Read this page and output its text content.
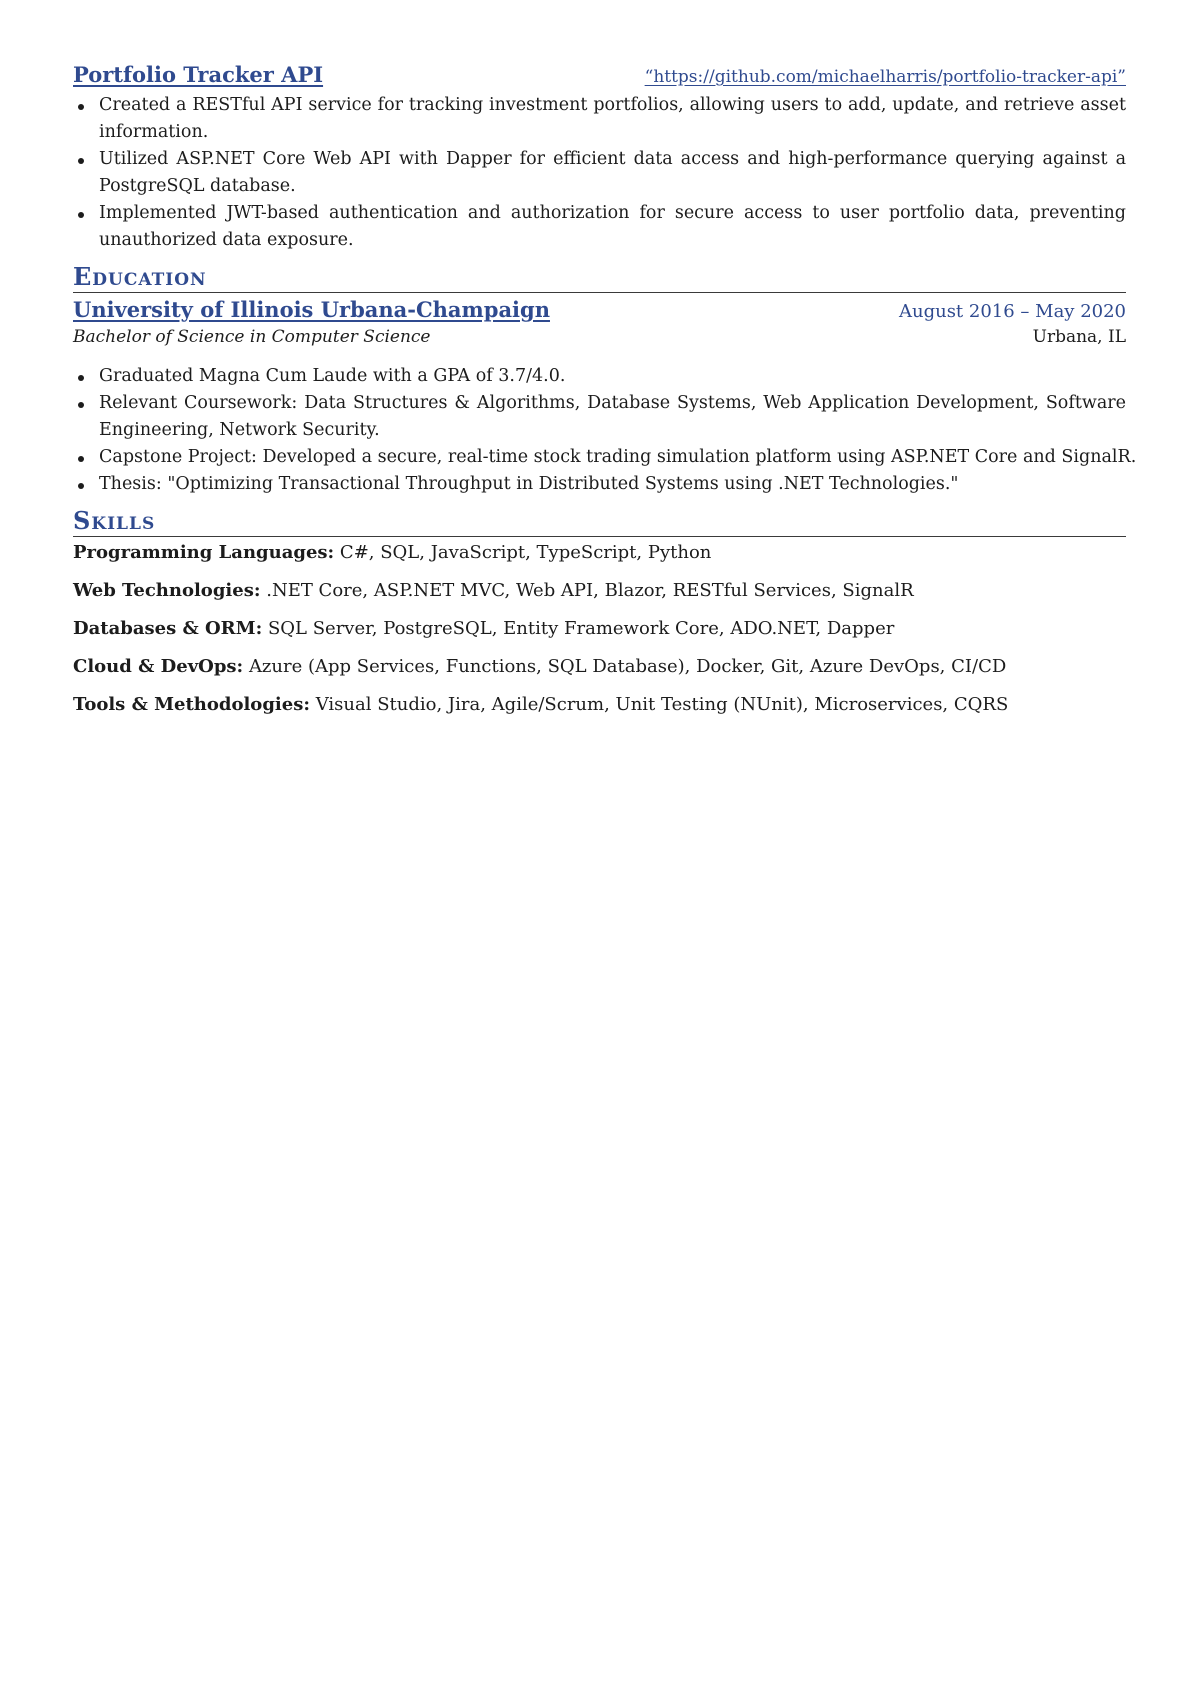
Portfolio Tracker API	“https://github.com/michaelharris/portfolio-tracker-api”
Created a RESTful API service for tracking investment portfolios, allowing users to add, update, and retrieve asset information.
Utilized ASP.NET Core Web API with Dapper for efficient data access and high-performance querying against a PostgreSQL database.
Implemented JWT-based authentication and authorization for secure access to user portfolio data, preventing unauthorized data exposure.
Education
University of Illinois Urbana-Champaign	August 2016 – May 2020
Bachelor of Science in Computer Science	Urbana, IL
Graduated Magna Cum Laude with a GPA of 3.7/4.0.
Relevant Coursework: Data Structures & Algorithms, Database Systems, Web Application Development, Software Engineering, Network Security.
Capstone Project: Developed a secure, real-time stock trading simulation platform using ASP.NET Core and SignalR.
Thesis: "Optimizing Transactional Throughput in Distributed Systems using .NET Technologies."
Skills
Programming Languages: C#, SQL, JavaScript, TypeScript, Python
Web Technologies: .NET Core, ASP.NET MVC, Web API, Blazor, RESTful Services, SignalR
Databases & ORM: SQL Server, PostgreSQL, Entity Framework Core, ADO.NET, Dapper
Cloud & DevOps: Azure (App Services, Functions, SQL Database), Docker, Git, Azure DevOps, CI/CD
Tools & Methodologies: Visual Studio, Jira, Agile/Scrum, Unit Testing (NUnit), Microservices, CQRS
